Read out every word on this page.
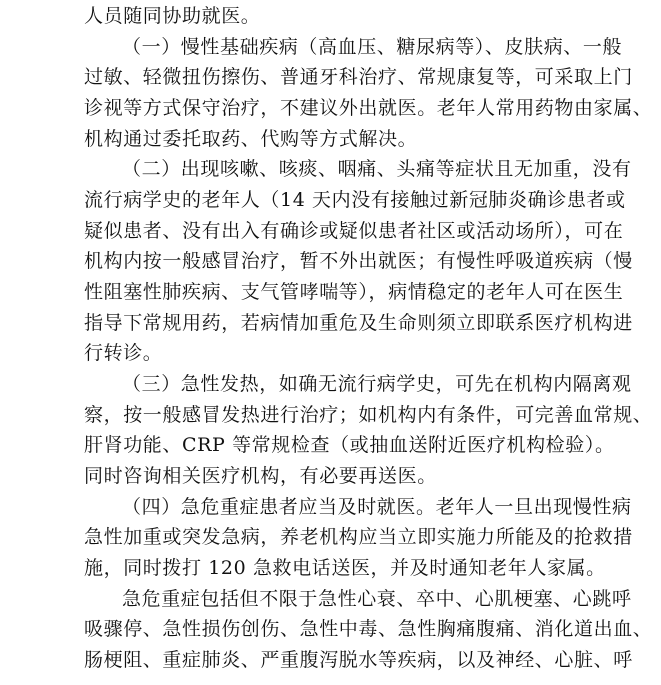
人员随同协助就医。
（一）慢性基础疾病（高血压、糖尿病等）、皮肤病、一般
过敏、轻微扭伤擦伤、普通牙科治疗、常规康复等，可采取上门
诊视等方式保守治疗，不建议外出就医。老年人常用药物由家属、
机构通过委托取药、代购等方式解决。
（二）出现咳嗽、咳痰、咽痛、头痛等症状且无加重，没有
流行病学史的老年人（14 天内没有接触过新冠肺炎确诊患者或
疑似患者、没有出入有确诊或疑似患者社区或活动场所），可在
机构内按一般感冒治疗，暂不外出就医；有慢性呼吸道疾病（慢
性阻塞性肺疾病、支气管哮喘等），病情稳定的老年人可在医生
指导下常规用药，若病情加重危及生命则须立即联系医疗机构进
行转诊。
（三）急性发热，如确无流行病学史，可先在机构内隔离观
察，按一般感冒发热进行治疗；如机构内有条件，可完善血常规、
肝肾功能、CRP 等常规检查（或抽血送附近医疗机构检验）。
同时咨询相关医疗机构，有必要再送医。
（四）急危重症患者应当及时就医。老年人一旦出现慢性病
急性加重或突发急病，养老机构应当立即实施力所能及的抢救措
施，同时拨打 120 急救电话送医，并及时通知老年人家属。
急危重症包括但不限于急性心衰、卒中、心肌梗塞、心跳呼
吸骤停、急性损伤创伤、急性中毒、急性胸痛腹痛、消化道出血、
肠梗阻、重症肺炎、严重腹泻脱水等疾病，以及神经、心脏、呼
